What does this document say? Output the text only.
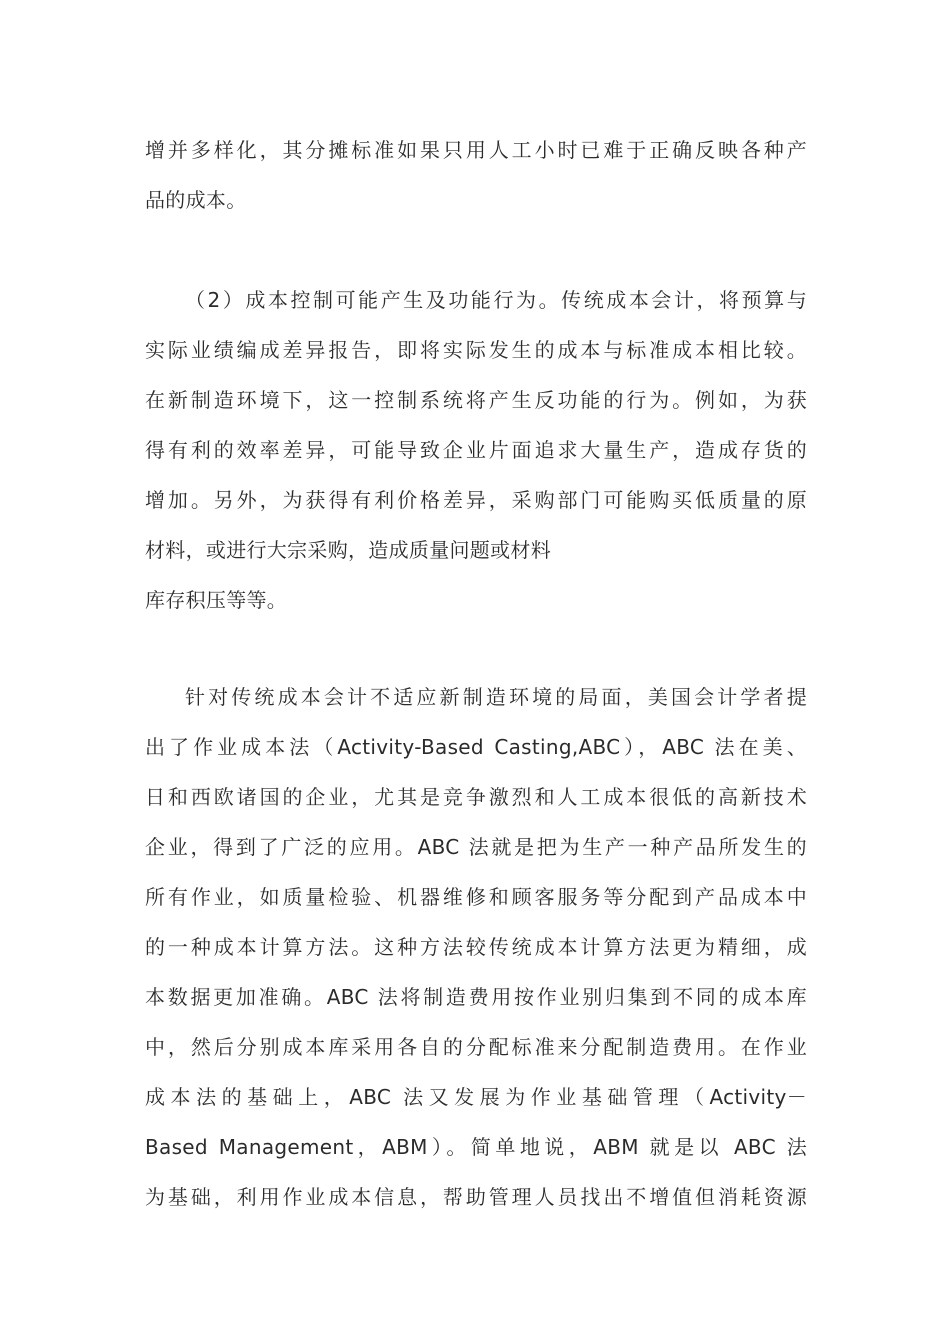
增并多样化，其分摊标准如果只用人工小时已难于正确反映各种产
品的成本。
（2）成本控制可能产生及功能行为。传统成本会计，将预算与
实际业绩编成差异报告，即将实际发生的成本与标准成本相比较。
在新制造环境下，这一控制系统将产生反功能的行为。例如，为获
得有利的效率差异，可能导致企业片面追求大量生产，造成存货的
增加。另外，为获得有利价格差异，采购部门可能购买低质量的原
材料，或进行大宗采购，造成质量问题或材料
库存积压等等。
针对传统成本会计不适应新制造环境的局面，美国会计学者提
出了作业成本法（Activity-Based Casting,ABC），ABC 法在美、
日和西欧诸国的企业，尤其是竞争激烈和人工成本很低的高新技术
企业，得到了广泛的应用。ABC 法就是把为生产一种产品所发生的
所有作业，如质量检验、机器维修和顾客服务等分配到产品成本中
的一种成本计算方法。这种方法较传统成本计算方法更为精细，成
本数据更加准确。ABC 法将制造费用按作业别归集到不同的成本库
中，然后分别成本库采用各自的分配标准来分配制造费用。在作业
成本法的基础上，ABC 法又发展为作业基础管理（Activity－
Based Management，ABM）。简单地说，ABM 就是以 ABC 法
为基础，利用作业成本信息，帮助管理人员找出不增值但消耗资源
